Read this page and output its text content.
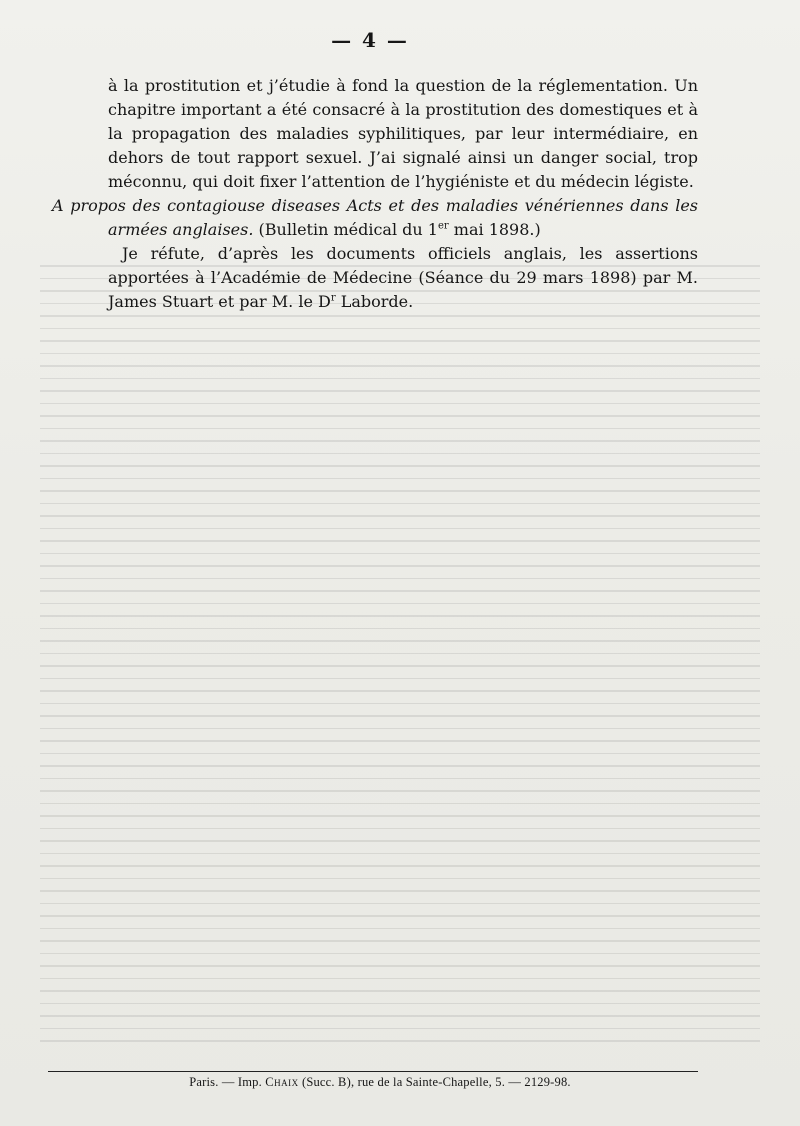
— 4 —

à la prostitution et j’étudie à fond la question de la réglementation. Un chapitre important a été consacré à la prostitution des domestiques et à la propagation des maladies syphilitiques, par leur intermédiaire, en dehors de tout rapport sexuel. J’ai signalé ainsi un danger social, trop méconnu, qui doit fixer l’attention de l’hygiéniste et du médecin légiste.

A propos des contagiouse diseases Acts et des maladies vénériennes dans les armées anglaises. (Bulletin médical du 1er mai 1898.)

Je réfute, d’après les documents officiels anglais, les assertions apportées à l’Académie de Médecine (Séance du 29 mars 1898) par M. James Stuart et par M. le $D^r$ Laborde.

Paris. — Imp. Chaix (Succ. B), rue de la Sainte-Chapelle, 5. — 2129-98.
